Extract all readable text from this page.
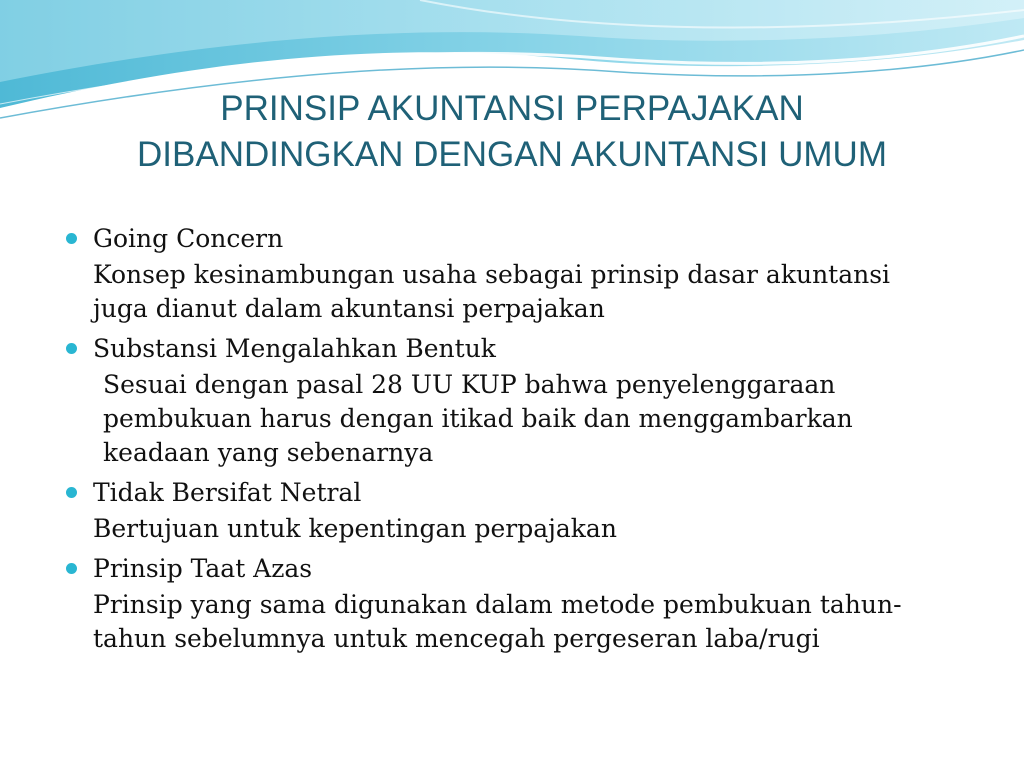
PRINSIP AKUNTANSI PERPAJAKAN
DIBANDINGKAN DENGAN AKUNTANSI UMUM
Going Concern
Konsep kesinambungan usaha sebagai prinsip dasar akuntansi
juga dianut dalam akuntansi perpajakan
Substansi Mengalahkan Bentuk
Sesuai dengan pasal 28 UU KUP bahwa penyelenggaraan
pembukuan harus dengan itikad baik dan menggambarkan
keadaan yang sebenarnya
Tidak Bersifat Netral
Bertujuan untuk kepentingan perpajakan
Prinsip Taat Azas
Prinsip yang sama digunakan dalam metode pembukuan tahun-
tahun sebelumnya untuk mencegah pergeseran laba/rugi
